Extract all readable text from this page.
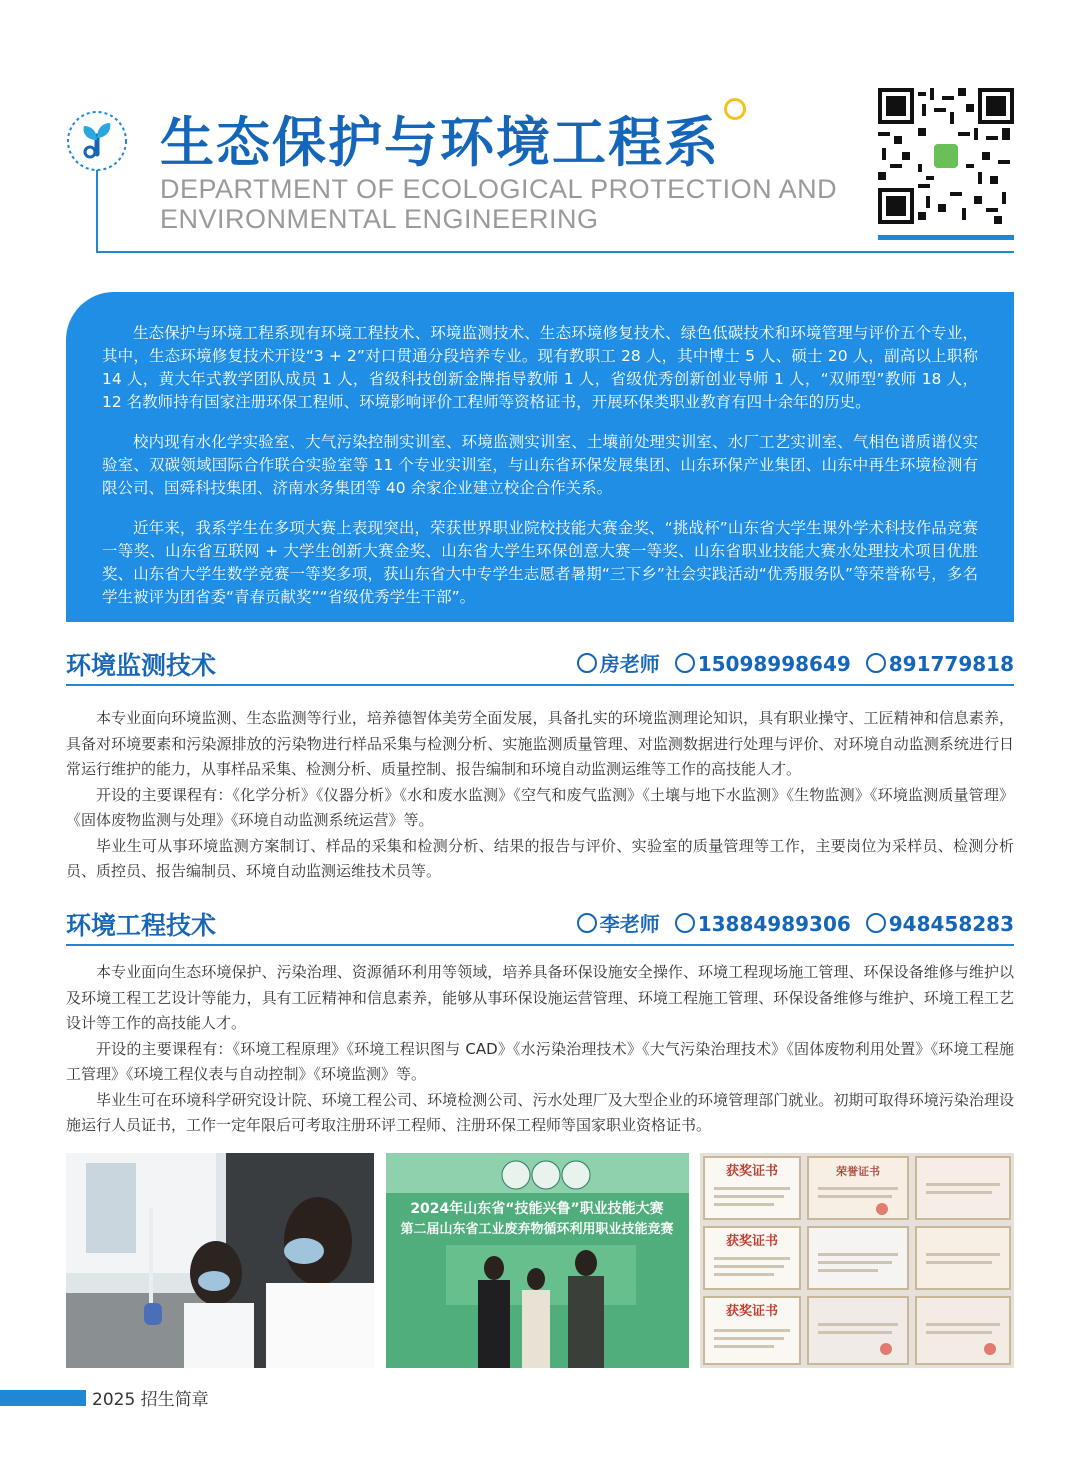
生态保护与环境工程系
DEPARTMENT OF ECOLOGICAL PROTECTION AND
ENVIRONMENTAL ENGINEERING

生态保护与环境工程系现有环境工程技术、环境监测技术、生态环境修复技术、绿色低碳技术和环境管理与评价五个专业，其中，生态环境修复技术开设“3 + 2”对口贯通分段培养专业。现有教职工 28 人，其中博士 5 人、硕士 20 人，副高以上职称 14 人，黄大年式教学团队成员 1 人，省级科技创新金牌指导教师 1 人，省级优秀创新创业导师 1 人，“双师型”教师 18 人，12 名教师持有国家注册环保工程师、环境影响评价工程师等资格证书，开展环保类职业教育有四十余年的历史。

校内现有水化学实验室、大气污染控制实训室、环境监测实训室、土壤前处理实训室、水厂工艺实训室、气相色谱质谱仪实验室、双碳领域国际合作联合实验室等 11 个专业实训室，与山东省环保发展集团、山东环保产业集团、山东中再生环境检测有限公司、国舜科技集团、济南水务集团等 40 余家企业建立校企合作关系。

近年来，我系学生在多项大赛上表现突出，荣获世界职业院校技能大赛金奖、“挑战杯”山东省大学生课外学术科技作品竞赛一等奖、山东省互联网 + 大学生创新大赛金奖、山东省大学生环保创意大赛一等奖、山东省职业技能大赛水处理技术项目优胜奖、山东省大学生数学竞赛一等奖多项，获山东省大中专学生志愿者暑期“三下乡”社会实践活动“优秀服务队”等荣誉称号，多名学生被评为团省委“青春贡献奖”“省级优秀学生干部”。

环境监测技术	房老师 15098998649 891779818

本专业面向环境监测、生态监测等行业，培养德智体美劳全面发展，具备扎实的环境监测理论知识，具有职业操守、工匠精神和信息素养，具备对环境要素和污染源排放的污染物进行样品采集与检测分析、实施监测质量管理、对监测数据进行处理与评价、对环境自动监测系统进行日常运行维护的能力，从事样品采集、检测分析、质量控制、报告编制和环境自动监测运维等工作的高技能人才。

开设的主要课程有：《化学分析》《仪器分析》《水和废水监测》《空气和废气监测》《土壤与地下水监测》《生物监测》《环境监测质量管理》《固体废物监测与处理》《环境自动监测系统运营》等。

毕业生可从事环境监测方案制订、样品的采集和检测分析、结果的报告与评价、实验室的质量管理等工作，主要岗位为采样员、检测分析员、质控员、报告编制员、环境自动监测运维技术员等。

环境工程技术	李老师 13884989306 948458283

本专业面向生态环境保护、污染治理、资源循环利用等领域，培养具备环保设施安全操作、环境工程现场施工管理、环保设备维修与维护以及环境工程工艺设计等能力，具有工匠精神和信息素养，能够从事环保设施运营管理、环境工程施工管理、环保设备维修与维护、环境工程工艺设计等工作的高技能人才。

开设的主要课程有：《环境工程原理》《环境工程识图与 CAD》《水污染治理技术》《大气污染治理技术》《固体废物利用处置》《环境工程施工管理》《环境工程仪表与自动控制》《环境监测》等。

毕业生可在环境科学研究设计院、环境工程公司、环境检测公司、污水处理厂及大型企业的环境管理部门就业。初期可取得环境污染治理设施运行人员证书，工作一定年限后可考取注册环评工程师、注册环保工程师等国家职业资格证书。

2024年山东省“技能兴鲁”职业技能大赛
第二届山东省工业废弃物循环利用职业技能竞赛
获奖证书	荣誉证书
获奖证书
获奖证书
2025 招生简章
